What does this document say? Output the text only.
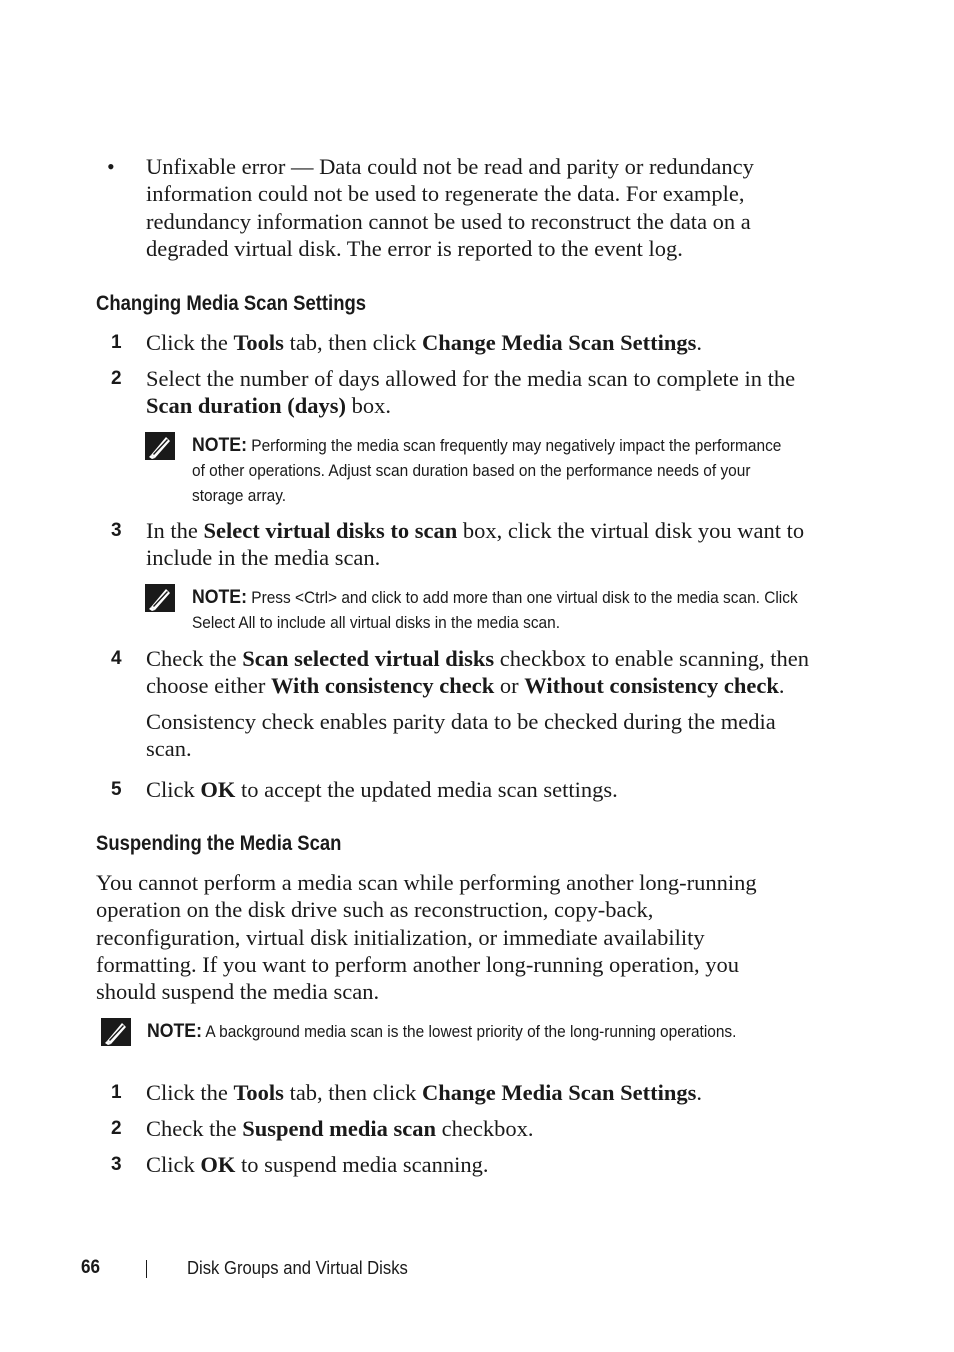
• Unfixable error — Data could not be read and parity or redundancy information could not be used to regenerate the data. For example, redundancy information cannot be used to reconstruct the data on a degraded virtual disk. The error is reported to the event log.
Changing Media Scan Settings
1 Click the Tools tab, then click Change Media Scan Settings.
2 Select the number of days allowed for the media scan to complete in the Scan duration (days) box.
NOTE: Performing the media scan frequently may negatively impact the performance of other operations. Adjust scan duration based on the performance needs of your storage array.
3 In the Select virtual disks to scan box, click the virtual disk you want to include in the media scan.
NOTE: Press <Ctrl> and click to add more than one virtual disk to the media scan. Click Select All to include all virtual disks in the media scan.
4 Check the Scan selected virtual disks checkbox to enable scanning, then choose either With consistency check or Without consistency check.
Consistency check enables parity data to be checked during the media scan.
5 Click OK to accept the updated media scan settings.
Suspending the Media Scan
You cannot perform a media scan while performing another long-running operation on the disk drive such as reconstruction, copy-back, reconfiguration, virtual disk initialization, or immediate availability formatting. If you want to perform another long-running operation, you should suspend the media scan.
NOTE: A background media scan is the lowest priority of the long-running operations.
1 Click the Tools tab, then click Change Media Scan Settings.
2 Check the Suspend media scan checkbox.
3 Click OK to suspend media scanning.
66	Disk Groups and Virtual Disks
